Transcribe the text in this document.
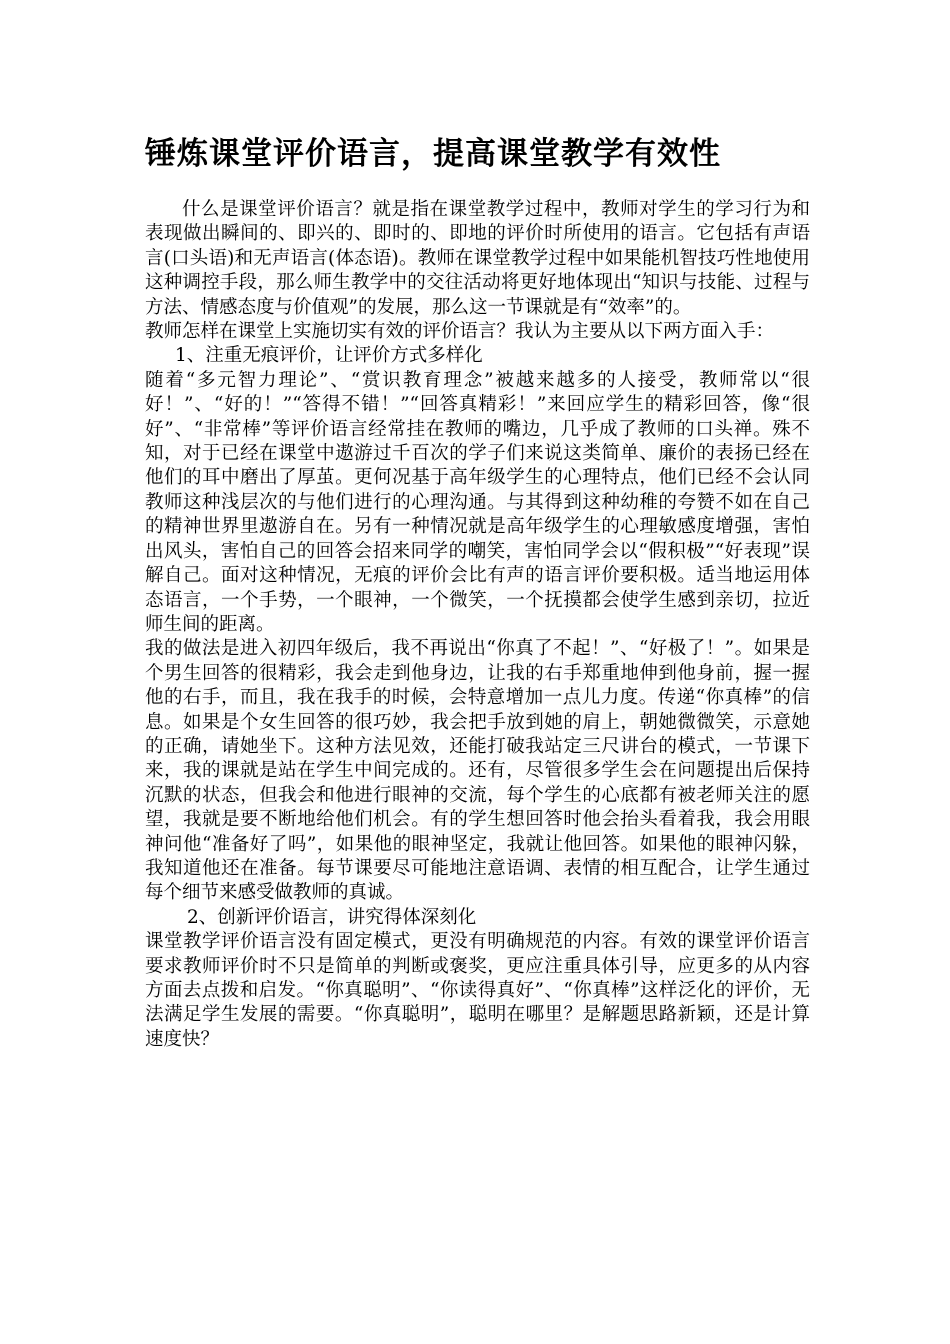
锤炼课堂评价语言，提高课堂教学有效性

什么是课堂评价语言？就是指在课堂教学过程中，教师对学生的学习行为和表现做出瞬间的、即兴的、即时的、即地的评价时所使用的语言。它包括有声语言(口头语)和无声语言(体态语)。教师在课堂教学过程中如果能机智技巧性地使用这种调控手段，那么师生教学中的交往活动将更好地体现出“知识与技能、过程与方法、情感态度与价值观”的发展，那么这一节课就是有“效率”的。

教师怎样在课堂上实施切实有效的评价语言？我认为主要从以下两方面入手：

1、注重无痕评价，让评价方式多样化

随着“多元智力理论”、“赏识教育理念”被越来越多的人接受，教师常以“很好！”、“好的！”“答得不错！”“回答真精彩！”来回应学生的精彩回答，像“很好”、“非常棒”等评价语言经常挂在教师的嘴边，几乎成了教师的口头禅。殊不知，对于已经在课堂中遨游过千百次的学子们来说这类简单、廉价的表扬已经在他们的耳中磨出了厚茧。更何况基于高年级学生的心理特点，他们已经不会认同教师这种浅层次的与他们进行的心理沟通。与其得到这种幼稚的夸赞不如在自己的精神世界里遨游自在。另有一种情况就是高年级学生的心理敏感度增强，害怕出风头，害怕自己的回答会招来同学的嘲笑，害怕同学会以“假积极”“好表现”误解自己。面对这种情况，无痕的评价会比有声的语言评价要积极。适当地运用体态语言，一个手势，一个眼神，一个微笑，一个抚摸都会使学生感到亲切，拉近师生间的距离。

我的做法是进入初四年级后，我不再说出“你真了不起！”、“好极了！”。如果是个男生回答的很精彩，我会走到他身边，让我的右手郑重地伸到他身前，握一握他的右手，而且，我在我手的时候，会特意增加一点儿力度。传递“你真棒”的信息。如果是个女生回答的很巧妙，我会把手放到她的肩上，朝她微微笑，示意她的正确，请她坐下。这种方法见效，还能打破我站定三尺讲台的模式，一节课下来，我的课就是站在学生中间完成的。还有，尽管很多学生会在问题提出后保持沉默的状态，但我会和他进行眼神的交流，每个学生的心底都有被老师关注的愿望，我就是要不断地给他们机会。有的学生想回答时他会抬头看着我，我会用眼神问他“准备好了吗”，如果他的眼神坚定，我就让他回答。如果他的眼神闪躲，我知道他还在准备。每节课要尽可能地注意语调、表情的相互配合，让学生通过每个细节来感受做教师的真诚。

2、创新评价语言，讲究得体深刻化

课堂教学评价语言没有固定模式，更没有明确规范的内容。有效的课堂评价语言要求教师评价时不只是简单的判断或褒奖，更应注重具体引导，应更多的从内容方面去点拨和启发。“你真聪明”、“你读得真好”、“你真棒”这样泛化的评价，无法满足学生发展的需要。“你真聪明”，聪明在哪里？是解题思路新颖，还是计算速度快？
